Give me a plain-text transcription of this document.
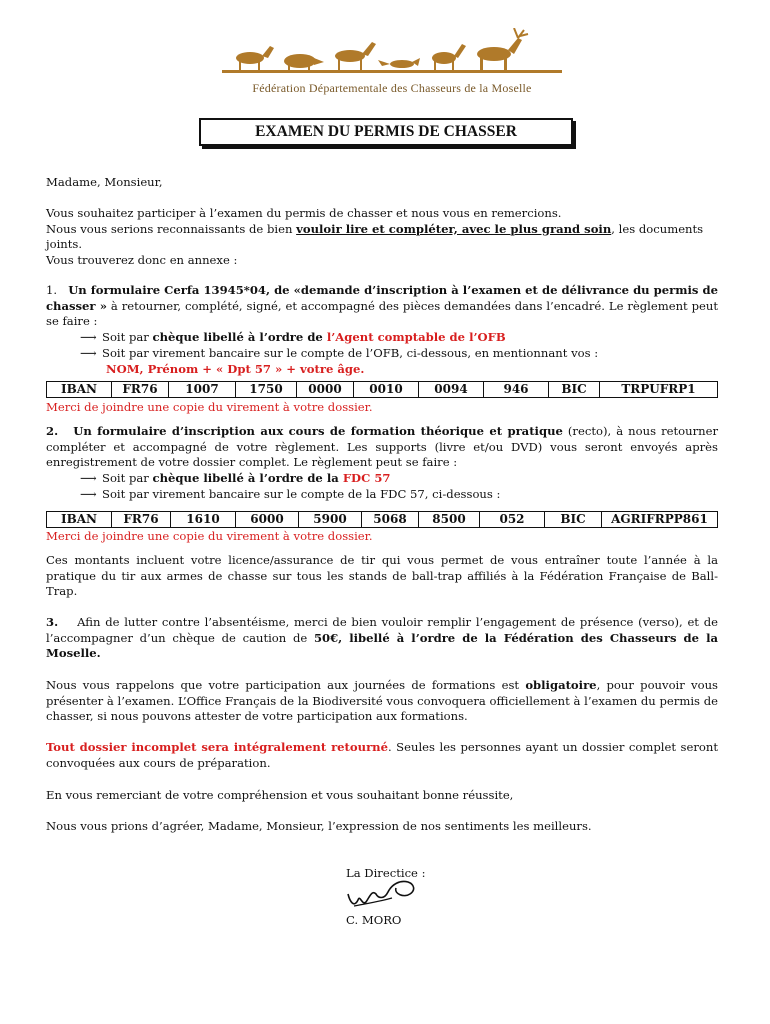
Fédération Départementale des Chasseurs de la Moselle
EXAMEN DU PERMIS DE CHASSER
Madame, Monsieur,
Vous souhaitez participer à l’examen du permis de chasser et nous vous en remercions.
Nous vous serions reconnaissants de bien vouloir lire et compléter, avec le plus grand soin, les documents joints.
Vous trouverez donc en annexe :
1. Un formulaire Cerfa 13945*04, de «demande d’inscription à l’examen et de délivrance du permis de chasser » à retourner, complété, signé, et accompagné des pièces demandées dans l’encadré. Le règlement peut se faire :
⟶ Soit par chèque libellé à l’ordre de l’Agent comptable de l’OFB
⟶ Soit par virement bancaire sur le compte de l’OFB, ci-dessous, en mentionnant vos :
NOM, Prénom + « Dpt 57 » + votre âge.
IBAN	FR76	1007	1750	0000	0010	0094	946	BIC	TRPUFRP1
Merci de joindre une copie du virement à votre dossier.
2. Un formulaire d’inscription aux cours de formation théorique et pratique (recto), à nous retourner compléter et accompagné de votre règlement. Les supports (livre et/ou DVD) vous seront envoyés après enregistrement de votre dossier complet. Le règlement peut se faire :
⟶ Soit par chèque libellé à l’ordre de la FDC 57
⟶ Soit par virement bancaire sur le compte de la FDC 57, ci-dessous :
IBAN	FR76	1610	6000	5900	5068	8500	052	BIC	AGRIFRPP861
Merci de joindre une copie du virement à votre dossier.
Ces montants incluent votre licence/assurance de tir qui vous permet de vous entraîner toute l’année à la pratique du tir aux armes de chasse sur tous les stands de ball-trap affiliés à la Fédération Française de Ball-Trap.
3. Afin de lutter contre l’absentéisme, merci de bien vouloir remplir l’engagement de présence (verso), et de l’accompagner d’un chèque de caution de 50€, libellé à l’ordre de la Fédération des Chasseurs de la Moselle.
Nous vous rappelons que votre participation aux journées de formations est obligatoire, pour pouvoir vous présenter à l’examen. L’Office Français de la Biodiversité vous convoquera officiellement à l’examen du permis de chasser, si nous pouvons attester de votre participation aux formations.
Tout dossier incomplet sera intégralement retourné. Seules les personnes ayant un dossier complet seront convoquées aux cours de préparation.
En vous remerciant de votre compréhension et vous souhaitant bonne réussite,
Nous vous prions d’agréer, Madame, Monsieur, l’expression de nos sentiments les meilleurs.
La Directice :
C. MORO
